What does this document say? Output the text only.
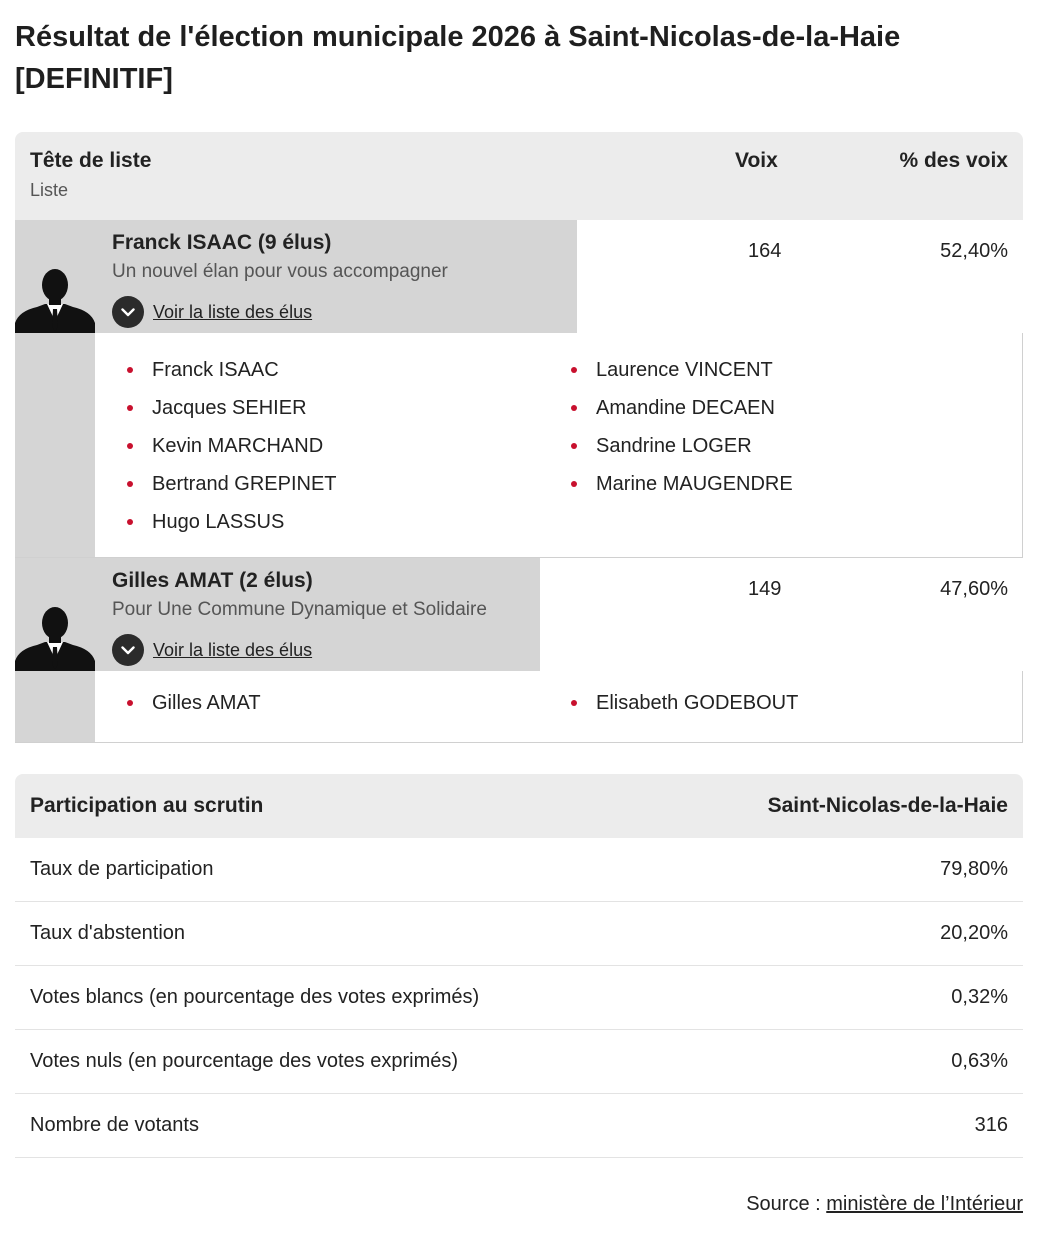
Résultat de l'élection municipale 2026 à Saint-Nicolas-de-la-Haie [DEFINITIF]
Tête de liste
Liste
Voix	% des voix
Franck ISAAC (9 élus)
Un nouvel élan pour vous accompagner
Voir la liste des élus
164	52,40%
Franck ISAAC
Jacques SEHIER
Kevin MARCHAND
Bertrand GREPINET
Hugo LASSUS
Laurence VINCENT
Amandine DECAEN
Sandrine LOGER
Marine MAUGENDRE
Gilles AMAT (2 élus)
Pour Une Commune Dynamique et Solidaire
Voir la liste des élus
149	47,60%
Gilles AMAT	Elisabeth GODEBOUT
Participation au scrutin	Saint-Nicolas-de-la-Haie
Taux de participation	79,80%
Taux d'abstention	20,20%
Votes blancs (en pourcentage des votes exprimés)	0,32%
Votes nuls (en pourcentage des votes exprimés)	0,63%
Nombre de votants	316
Source : ministère de l’Intérieur
